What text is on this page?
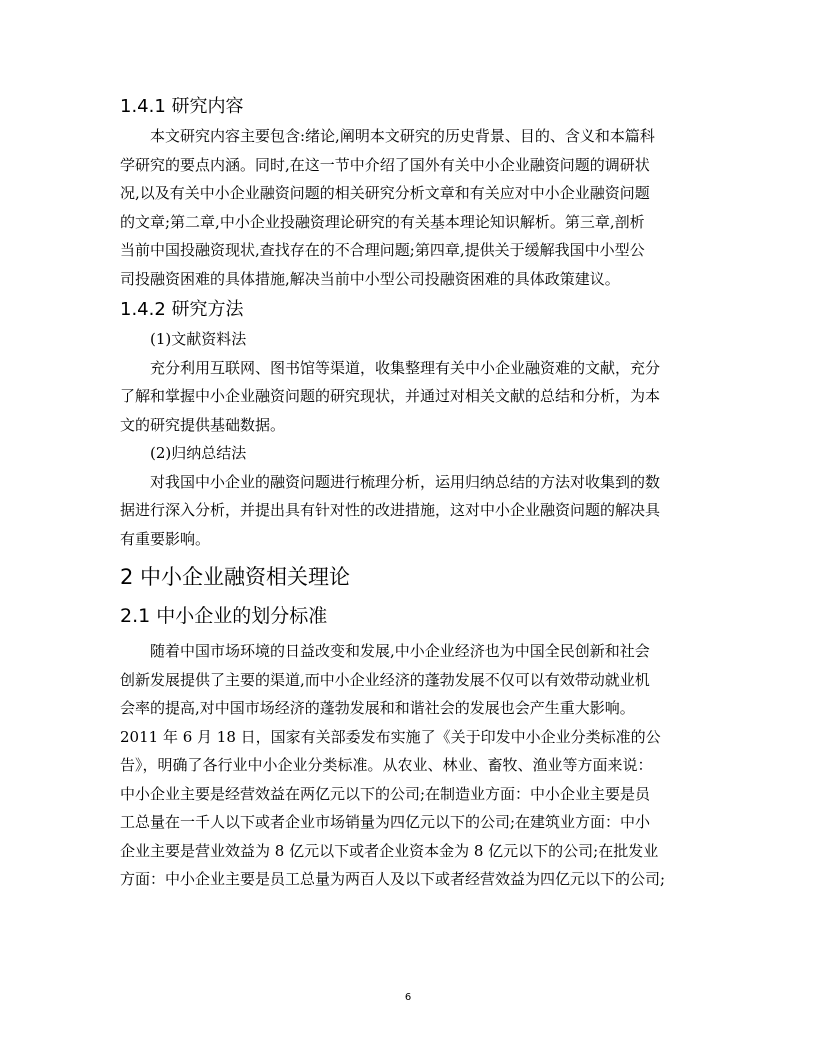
1.4.1 研究内容
本文研究内容主要包含:绪论,阐明本文研究的历史背景、目的、含义和本篇科
学研究的要点内涵。同时,在这一节中介绍了国外有关中小企业融资问题的调研状
况,以及有关中小企业融资问题的相关研究分析文章和有关应对中小企业融资问题
的文章;第二章,中小企业投融资理论研究的有关基本理论知识解析。第三章,剖析
当前中国投融资现状,查找存在的不合理问题;第四章,提供关于缓解我国中小型公
司投融资困难的具体措施,解决当前中小型公司投融资困难的具体政策建议。
1.4.2 研究方法
(1)文献资料法
充分利用互联网、图书馆等渠道，收集整理有关中小企业融资难的文献，充分
了解和掌握中小企业融资问题的研究现状，并通过对相关文献的总结和分析，为本
文的研究提供基础数据。
(2)归纳总结法
对我国中小企业的融资问题进行梳理分析，运用归纳总结的方法对收集到的数
据进行深入分析，并提出具有针对性的改进措施，这对中小企业融资问题的解决具
有重要影响。
2 中小企业融资相关理论
2.1 中小企业的划分标准
随着中国市场环境的日益改变和发展,中小企业经济也为中国全民创新和社会
创新发展提供了主要的渠道,而中小企业经济的蓬勃发展不仅可以有效带动就业机
会率的提高,对中国市场经济的蓬勃发展和和谐社会的发展也会产生重大影响。
2011 年 6 月 18 日，国家有关部委发布实施了《关于印发中小企业分类标准的公
告》，明确了各行业中小企业分类标准。从农业、林业、畜牧、渔业等方面来说：
中小企业主要是经营效益在两亿元以下的公司;在制造业方面：中小企业主要是员
工总量在一千人以下或者企业市场销量为四亿元以下的公司;在建筑业方面：中小
企业主要是营业效益为 8 亿元以下或者企业资本金为 8 亿元以下的公司;在批发业
方面：中小企业主要是员工总量为两百人及以下或者经营效益为四亿元以下的公司;
6
